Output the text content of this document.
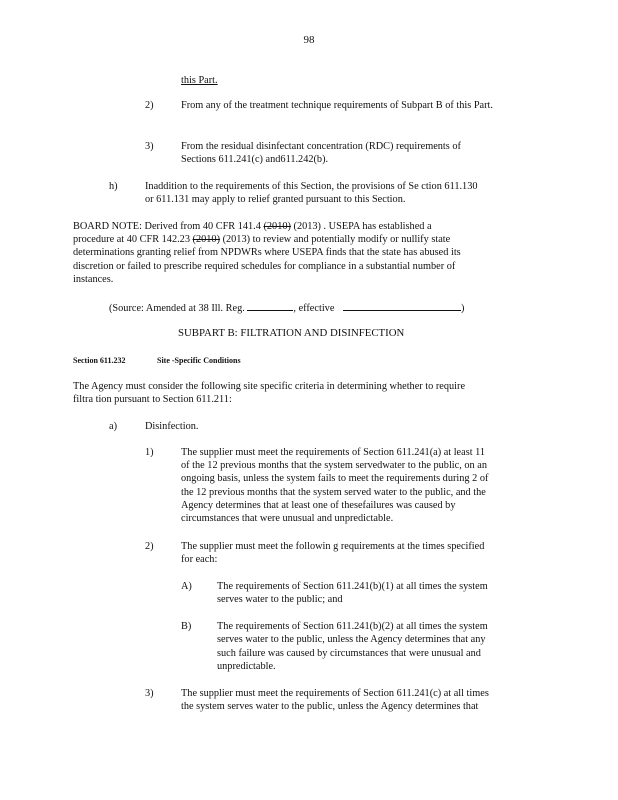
98
this Part.
2)	From any of the treatment technique requirements of Subpart B of this Part.
3)	From the residual disinfectant concentration (RDC) requirements of
Sections 611.241(c) and611.242(b).
h)	Inaddition to the requirements of this Section, the provisions of Se ction 611.130
or 611.131 may apply to relief granted pursuant to this Section.
BOARD NOTE: Derived from 40 CFR 141.4 (2010) (2013) . USEPA has established a
procedure at 40 CFR 142.23 (2010) (2013) to review and potentially modify or nullify state
determinations granting relief from NPDWRs where USEPA finds that the state has abused its
discretion or failed to prescribe required schedules for compliance in a substantial number of
instances.
(Source: Amended at 38 Ill. Reg.	, effective	)
SUBPART B: FILTRATION AND DISINFECTION
Section 611.232	Site -Specific Conditions
The Agency must consider the following site specific criteria in determining whether to require
filtra tion pursuant to Section 611.211:
a)	Disinfection.
1)	The supplier must meet the requirements of Section 611.241(a) at least 11
of the 12 previous months that the system servedwater to the public, on an
ongoing basis, unless the system fails to meet the requirements during 2 of
the 12 previous months that the system served water to the public, and the
Agency determines that at least one of thesefailures was caused by
circumstances that were unusual and unpredictable.
2)	The supplier must meet the followin g requirements at the times specified
for each:
A) The requirements of Section 611.241(b)(1) at all times the system
serves water to the public; and
B) The requirements of Section 611.241(b)(2) at all times the system
serves water to the public, unless the Agency determines that any
such failure was caused by circumstances that were unusual and
unpredictable.
3)	The supplier must meet the requirements of Section 611.241(c) at all times
the system serves water to the public, unless the Agency determines that
